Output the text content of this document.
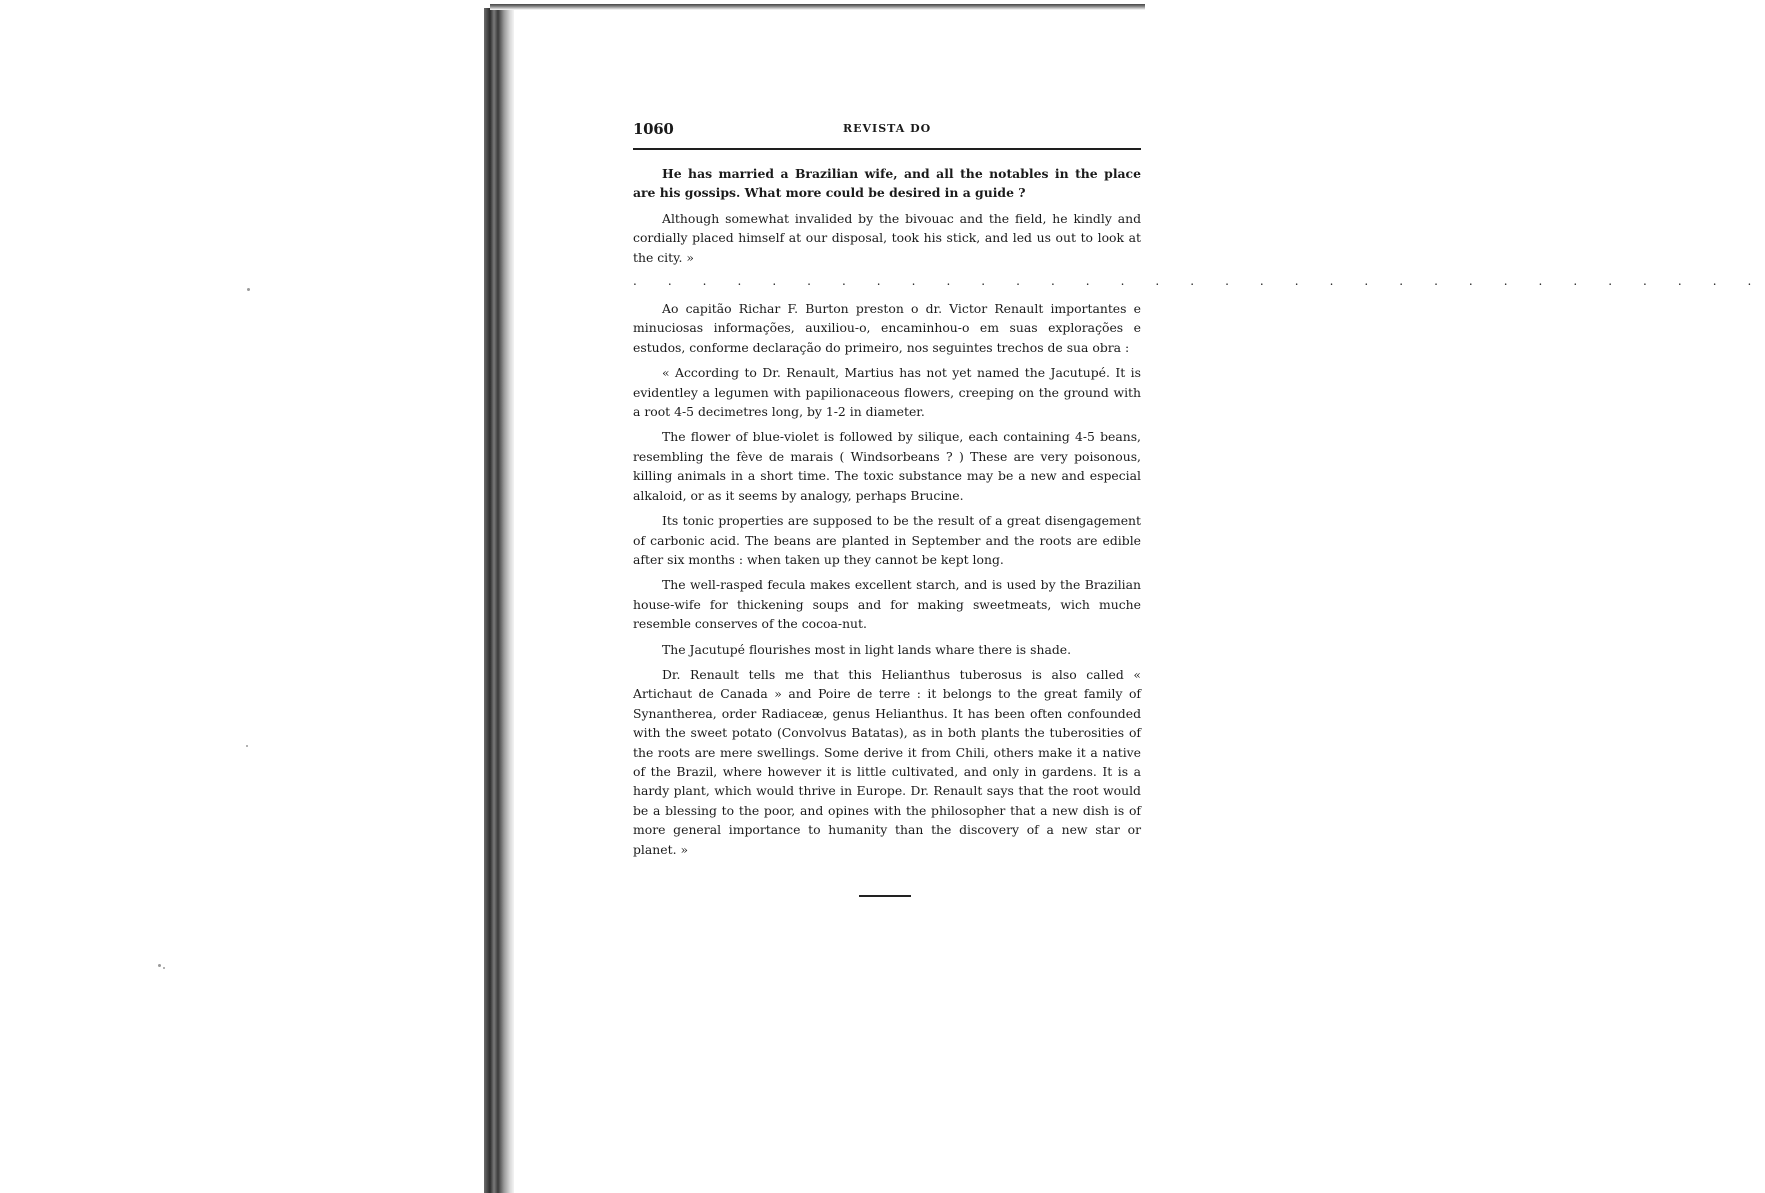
1060	REVISTA DO

He has married a Brazilian wife, and all the notables in the place are his gossips. What more could be desired in a guide ?

Although somewhat invalided by the bivouac and the field, he kindly and cordially placed himself at our disposal, took his stick, and led us out to look at the city. »

. . . . . . . . . . . . . . . . . . . . . . . . . . . . . . . . .

Ao capitão Richar F. Burton preston o dr. Victor Renault importantes e minuciosas informações, auxiliou-o, encaminhou-o em suas explorações e estudos, conforme declaração do primeiro, nos seguintes trechos de sua obra :

« According to Dr. Renault, Martius has not yet named the Jacutupé. It is evidentley a legumen with papilionaceous flowers, creeping on the ground with a root 4-5 decimetres long, by 1-2 in diameter.

The flower of blue-violet is followed by silique, each containing 4-5 beans, resembling the fève de marais ( Windsorbeans ? ) These are very poisonous, killing animals in a short time. The toxic substance may be a new and especial alkaloid, or as it seems by analogy, perhaps Brucine.

Its tonic properties are supposed to be the result of a great disengagement of carbonic acid. The beans are planted in September and the roots are edible after six months : when taken up they cannot be kept long.

The well-rasped fecula makes excellent starch, and is used by the Brazilian house-wife for thickening soups and for making sweetmeats, wich muche resemble conserves of the cocoa-nut.

The Jacutupé flourishes most in light lands whare there is shade.

Dr. Renault tells me that this Helianthus tuberosus is also called « Artichaut de Canada » and Poire de terre : it belongs to the great family of Synantherea, order Radiaceæ, genus Helianthus. It has been often confounded with the sweet potato (Convolvus Batatas), as in both plants the tuberosities of the roots are mere swellings. Some derive it from Chili, others make it a native of the Brazil, where however it is little cultivated, and only in gardens. It is a hardy plant, which would thrive in Europe. Dr. Renault says that the root would be a blessing to the poor, and opines with the philosopher that a new dish is of more general importance to humanity than the discovery of a new star or planet. »
